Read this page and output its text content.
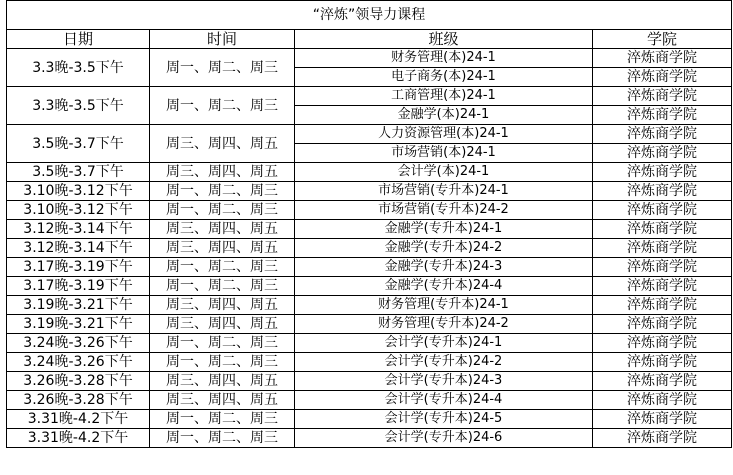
“淬炼”领导力课程			
日期	时间	班级	学院
3.3晚-3.5下午	周一、周二、周三	财务管理(本)24-1	淬炼商学院
		电子商务(本)24-1	淬炼商学院
3.3晚-3.5下午	周一、周二、周三	工商管理(本)24-1	淬炼商学院
		金融学(本)24-1	淬炼商学院
3.5晚-3.7下午	周三、周四、周五	人力资源管理(本)24-1	淬炼商学院
		市场营销(本)24-1	淬炼商学院
3.5晚-3.7下午	周三、周四、周五	会计学(本)24-1	淬炼商学院
3.10晚-3.12下午	周一、周二、周三	市场营销(专升本)24-1	淬炼商学院
3.10晚-3.12下午	周一、周二、周三	市场营销(专升本)24-2	淬炼商学院
3.12晚-3.14下午	周三、周四、周五	金融学(专升本)24-1	淬炼商学院
3.12晚-3.14下午	周三、周四、周五	金融学(专升本)24-2	淬炼商学院
3.17晚-3.19下午	周一、周二、周三	金融学(专升本)24-3	淬炼商学院
3.17晚-3.19下午	周一、周二、周三	金融学(专升本)24-4	淬炼商学院
3.19晚-3.21下午	周三、周四、周五	财务管理(专升本)24-1	淬炼商学院
3.19晚-3.21下午	周三、周四、周五	财务管理(专升本)24-2	淬炼商学院
3.24晚-3.26下午	周一、周二、周三	会计学(专升本)24-1	淬炼商学院
3.24晚-3.26下午	周一、周二、周三	会计学(专升本)24-2	淬炼商学院
3.26晚-3.28下午	周三、周四、周五	会计学(专升本)24-3	淬炼商学院
3.26晚-3.28下午	周三、周四、周五	会计学(专升本)24-4	淬炼商学院
3.31晚-4.2下午	周一、周二、周三	会计学(专升本)24-5	淬炼商学院
3.31晚-4.2下午	周一、周二、周三	会计学(专升本)24-6	淬炼商学院
